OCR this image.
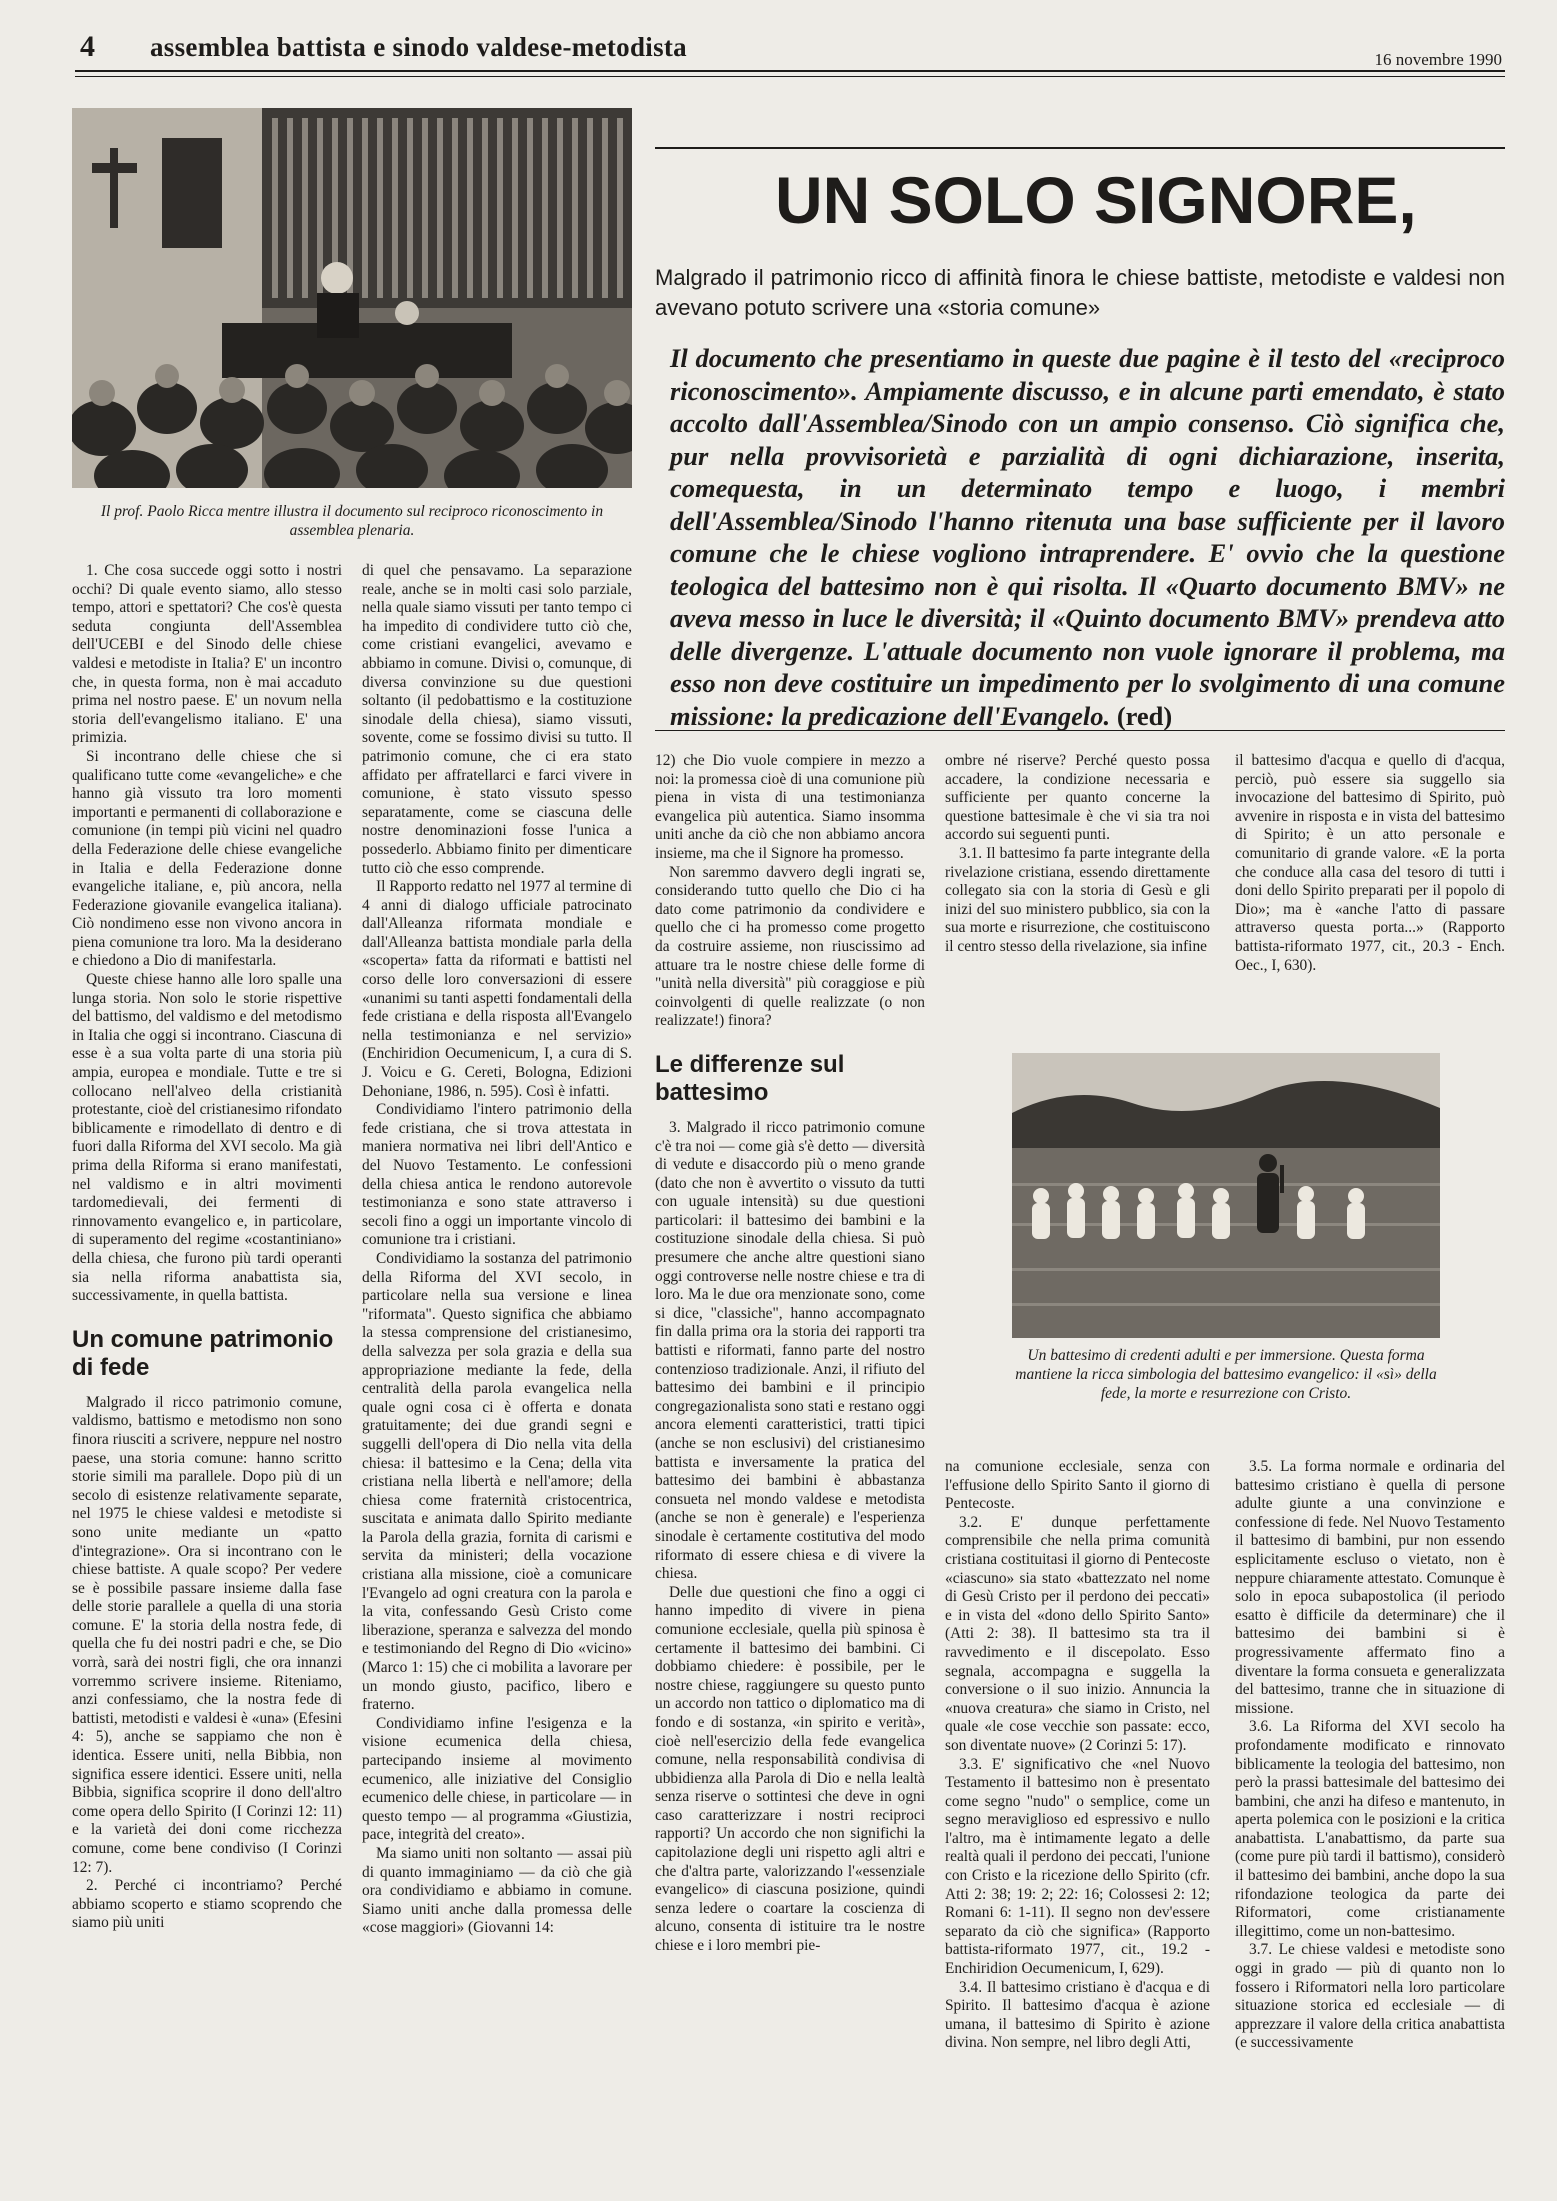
4 assemblea battista e sinodo valdese-metodista	16 novembre 1990
Il prof. Paolo Ricca mentre illustra il documento sul reciproco riconoscimento in assemblea plenaria.
UN SOLO SIGNORE,
Malgrado il patrimonio ricco di affinità finora le chiese battiste, metodiste e valdesi non avevano potuto scrivere una «storia comune»
Il documento che presentiamo in queste due pagine è il testo del «reciproco riconoscimento». Ampiamente discusso, e in alcune parti emendato, è stato accolto dall'Assemblea/Sinodo con un ampio consenso. Ciò significa che, pur nella provvisorietà e parzialità di ogni dichiarazione, inserita, comequesta, in un determinato tempo e luogo, i membri dell'Assemblea/Sinodo l'hanno ritenuta una base sufficiente per il lavoro comune che le chiese vogliono intraprendere. E' ovvio che la questione teologica del battesimo non è qui risolta. Il «Quarto documento BMV» ne aveva messo in luce le diversità; il «Quinto documento BMV» prendeva atto delle divergenze. L'attuale documento non vuole ignorare il problema, ma esso non deve costituire un impedimento per lo svolgimento di una comune missione: la predicazione dell'Evangelo. (red)

1. Che cosa succede oggi sotto i nostri occhi? Di quale evento siamo, allo stesso tempo, attori e spettatori? Che cos'è questa seduta congiunta dell'Assemblea dell'UCEBI e del Sinodo delle chiese valdesi e metodiste in Italia? E' un incontro che, in questa forma, non è mai accaduto prima nel nostro paese. E' un novum nella storia dell'evangelismo italiano. E' una primizia.

Si incontrano delle chiese che si qualificano tutte come «evangeliche» e che hanno già vissuto tra loro momenti importanti e permanenti di collaborazione e comunione (in tempi più vicini nel quadro della Federazione delle chiese evangeliche in Italia e della Federazione donne evangeliche italiane, e, più ancora, nella Federazione giovanile evangelica italiana). Ciò nondimeno esse non vivono ancora in piena comunione tra loro. Ma la desiderano e chiedono a Dio di manifestarla.

Queste chiese hanno alle loro spalle una lunga storia. Non solo le storie rispettive del battismo, del valdismo e del metodismo in Italia che oggi si incontrano. Ciascuna di esse è a sua volta parte di una storia più ampia, europea e mondiale. Tutte e tre si collocano nell'alveo della cristianità protestante, cioè del cristianesimo rifondato biblicamente e rimodellato di dentro e di fuori dalla Riforma del XVI secolo. Ma già prima della Riforma si erano manifestati, nel valdismo e in altri movimenti tardomedievali, dei fermenti di rinnovamento evangelico e, in particolare, di superamento del regime «costantiniano» della chiesa, che furono più tardi operanti sia nella riforma anabattista sia, successivamente, in quella battista.

Un comune patrimonio di fede

Malgrado il ricco patrimonio comune, valdismo, battismo e metodismo non sono finora riusciti a scrivere, neppure nel nostro paese, una storia comune: hanno scritto storie simili ma parallele. Dopo più di un secolo di esistenze relativamente separate, nel 1975 le chiese valdesi e metodiste si sono unite mediante un «patto d'integrazione». Ora si incontrano con le chiese battiste. A quale scopo? Per vedere se è possibile passare insieme dalla fase delle storie parallele a quella di una storia comune. E' la storia della nostra fede, di quella che fu dei nostri padri e che, se Dio vorrà, sarà dei nostri figli, che ora innanzi vorremmo scrivere insieme. Riteniamo, anzi confessiamo, che la nostra fede di battisti, metodisti e valdesi è «una» (Efesini 4: 5), anche se sappiamo che non è identica. Essere uniti, nella Bibbia, non significa essere identici. Essere uniti, nella Bibbia, significa scoprire il dono dell'altro come opera dello Spirito (I Corinzi 12: 11) e la varietà dei doni come ricchezza comune, come bene condiviso (I Corinzi 12: 7).

2. Perché ci incontriamo? Perché abbiamo scoperto e stiamo scoprendo che siamo più uniti

di quel che pensavamo. La separazione reale, anche se in molti casi solo parziale, nella quale siamo vissuti per tanto tempo ci ha impedito di condividere tutto ciò che, come cristiani evangelici, avevamo e abbiamo in comune. Divisi o, comunque, di diversa convinzione su due questioni soltanto (il pedobattismo e la costituzione sinodale della chiesa), siamo vissuti, sovente, come se fossimo divisi su tutto. Il patrimonio comune, che ci era stato affidato per affratellarci e farci vivere in comunione, è stato vissuto spesso separatamente, come se ciascuna delle nostre denominazioni fosse l'unica a possederlo. Abbiamo finito per dimenticare tutto ciò che esso comprende.

Il Rapporto redatto nel 1977 al termine di 4 anni di dialogo ufficiale patrocinato dall'Alleanza riformata mondiale e dall'Alleanza battista mondiale parla della «scoperta» fatta da riformati e battisti nel corso delle loro conversazioni di essere «unanimi su tanti aspetti fondamentali della fede cristiana e della risposta all'Evangelo nella testimonianza e nel servizio» (Enchiridion Oecumenicum, I, a cura di S. J. Voicu e G. Cereti, Bologna, Edizioni Dehoniane, 1986, n. 595). Così è infatti.

Condividiamo l'intero patrimonio della fede cristiana, che si trova attestata in maniera normativa nei libri dell'Antico e del Nuovo Testamento. Le confessioni della chiesa antica le rendono autorevole testimonianza e sono state attraverso i secoli fino a oggi un importante vincolo di comunione tra i cristiani.

Condividiamo la sostanza del patrimonio della Riforma del XVI secolo, in particolare nella sua versione e linea "riformata". Questo significa che abbiamo la stessa comprensione del cristianesimo, della salvezza per sola grazia e della sua appropriazione mediante la fede, della centralità della parola evangelica nella quale ogni cosa ci è offerta e donata gratuitamente; dei due grandi segni e suggelli dell'opera di Dio nella vita della chiesa: il battesimo e la Cena; della vita cristiana nella libertà e nell'amore; della chiesa come fraternità cristocentrica, suscitata e animata dallo Spirito mediante la Parola della grazia, fornita di carismi e servita da ministeri; della vocazione cristiana alla missione, cioè a comunicare l'Evangelo ad ogni creatura con la parola e la vita, confessando Gesù Cristo come liberazione, speranza e salvezza del mondo e testimoniando del Regno di Dio «vicino» (Marco 1: 15) che ci mobilita a lavorare per un mondo giusto, pacifico, libero e fraterno.

Condividiamo infine l'esigenza e la visione ecumenica della chiesa, partecipando insieme al movimento ecumenico, alle iniziative del Consiglio ecumenico delle chiese, in particolare — in questo tempo — al programma «Giustizia, pace, integrità del creato».

Ma siamo uniti non soltanto — assai più di quanto immaginiamo — da ciò che già ora condividiamo e abbiamo in comune. Siamo uniti anche dalla promessa delle «cose maggiori» (Giovanni 14:

12) che Dio vuole compiere in mezzo a noi: la promessa cioè di una comunione più piena in vista di una testimonianza evangelica più autentica. Siamo insomma uniti anche da ciò che non abbiamo ancora insieme, ma che il Signore ha promesso.

Non saremmo davvero degli ingrati se, considerando tutto quello che Dio ci ha dato come patrimonio da condividere e quello che ci ha promesso come progetto da costruire assieme, non riuscissimo ad attuare tra le nostre chiese delle forme di "unità nella diversità" più coraggiose e più coinvolgenti di quelle realizzate (o non realizzate!) finora?

Le differenze sul battesimo

3. Malgrado il ricco patrimonio comune c'è tra noi — come già s'è detto — diversità di vedute e disaccordo più o meno grande (dato che non è avvertito o vissuto da tutti con uguale intensità) su due questioni particolari: il battesimo dei bambini e la costituzione sinodale della chiesa. Si può presumere che anche altre questioni siano oggi controverse nelle nostre chiese e tra di loro. Ma le due ora menzionate sono, come si dice, "classiche", hanno accompagnato fin dalla prima ora la storia dei rapporti tra battisti e riformati, fanno parte del nostro contenzioso tradizionale. Anzi, il rifiuto del battesimo dei bambini e il principio congregazionalista sono stati e restano oggi ancora elementi caratteristici, tratti tipici (anche se non esclusivi) del cristianesimo battista e inversamente la pratica del battesimo dei bambini è abbastanza consueta nel mondo valdese e metodista (anche se non è generale) e l'esperienza sinodale è certamente costitutiva del modo riformato di essere chiesa e di vivere la chiesa.

Delle due questioni che fino a oggi ci hanno impedito di vivere in piena comunione ecclesiale, quella più spinosa è certamente il battesimo dei bambini. Ci dobbiamo chiedere: è possibile, per le nostre chiese, raggiungere su questo punto un accordo non tattico o diplomatico ma di fondo e di sostanza, «in spirito e verità», cioè nell'esercizio della fede evangelica comune, nella responsabilità condivisa di ubbidienza alla Parola di Dio e nella lealtà senza riserve o sottintesi che deve in ogni caso caratterizzare i nostri reciproci rapporti? Un accordo che non significhi la capitolazione degli uni rispetto agli altri e che d'altra parte, valorizzando l'«essenziale evangelico» di ciascuna posizione, quindi senza ledere o coartare la coscienza di alcuno, consenta di istituire tra le nostre chiese e i loro membri pie-

ombre né riserve? Perché questo possa accadere, la condizione necessaria e sufficiente per quanto concerne la questione battesimale è che vi sia tra noi accordo sui seguenti punti.

3.1. Il battesimo fa parte integrante della rivelazione cristiana, essendo direttamente collegato sia con la storia di Gesù e gli inizi del suo ministero pubblico, sia con la sua morte e risurrezione, che costituiscono il centro stesso della rivelazione, sia infine

il battesimo d'acqua e quello di d'acqua, perciò, può essere sia suggello sia invocazione del battesimo di Spirito, può avvenire in risposta e in vista del battesimo di Spirito; è un atto personale e comunitario di grande valore. «E la porta che conduce alla casa del tesoro di tutti i doni dello Spirito preparati per il popolo di Dio»; ma è «anche l'atto di passare attraverso questa porta...» (Rapporto battista-riformato 1977, cit., 20.3 - Ench. Oec., I, 630).

Un battesimo di credenti adulti e per immersione. Questa forma mantiene la ricca simbologia del battesimo evangelico: il «sì» della fede, la morte e resurrezione con Cristo.

na comunione ecclesiale, senza con l'effusione dello Spirito Santo il giorno di Pentecoste.

3.2. E' dunque perfettamente comprensibile che nella prima comunità cristiana costituitasi il giorno di Pentecoste «ciascuno» sia stato «battezzato nel nome di Gesù Cristo per il perdono dei peccati» e in vista del «dono dello Spirito Santo» (Atti 2: 38). Il battesimo sta tra il ravvedimento e il discepolato. Esso segnala, accompagna e suggella la conversione o il suo inizio. Annuncia la «nuova creatura» che siamo in Cristo, nel quale «le cose vecchie son passate: ecco, son diventate nuove» (2 Corinzi 5: 17).

3.3. E' significativo che «nel Nuovo Testamento il battesimo non è presentato come segno "nudo" o semplice, come un segno meraviglioso ed espressivo e nullo l'altro, ma è intimamente legato a delle realtà quali il perdono dei peccati, l'unione con Cristo e la ricezione dello Spirito (cfr. Atti 2: 38; 19: 2; 22: 16; Colossesi 2: 12; Romani 6: 1-11). Il segno non dev'essere separato da ciò che significa» (Rapporto battista-riformato 1977, cit., 19.2 - Enchiridion Oecumenicum, I, 629).

3.4. Il battesimo cristiano è d'acqua e di Spirito. Il battesimo d'acqua è azione umana, il battesimo di Spirito è azione divina. Non sempre, nel libro degli Atti,

3.5. La forma normale e ordinaria del battesimo cristiano è quella di persone adulte giunte a una convinzione e confessione di fede. Nel Nuovo Testamento il battesimo di bambini, pur non essendo esplicitamente escluso o vietato, non è neppure chiaramente attestato. Comunque è solo in epoca subapostolica (il periodo esatto è difficile da determinare) che il battesimo dei bambini si è progressivamente affermato fino a diventare la forma consueta e generalizzata del battesimo, tranne che in situazione di missione.

3.6. La Riforma del XVI secolo ha profondamente modificato e rinnovato biblicamente la teologia del battesimo, non però la prassi battesimale del battesimo dei bambini, che anzi ha difeso e mantenuto, in aperta polemica con le posizioni e la critica anabattista. L'anabattismo, da parte sua (come pure più tardi il battismo), considerò il battesimo dei bambini, anche dopo la sua rifondazione teologica da parte dei Riformatori, come cristianamente illegittimo, come un non-battesimo.

3.7. Le chiese valdesi e metodiste sono oggi in grado — più di quanto non lo fossero i Riformatori nella loro particolare situazione storica ed ecclesiale — di apprezzare il valore della critica anabattista (e successivamente
